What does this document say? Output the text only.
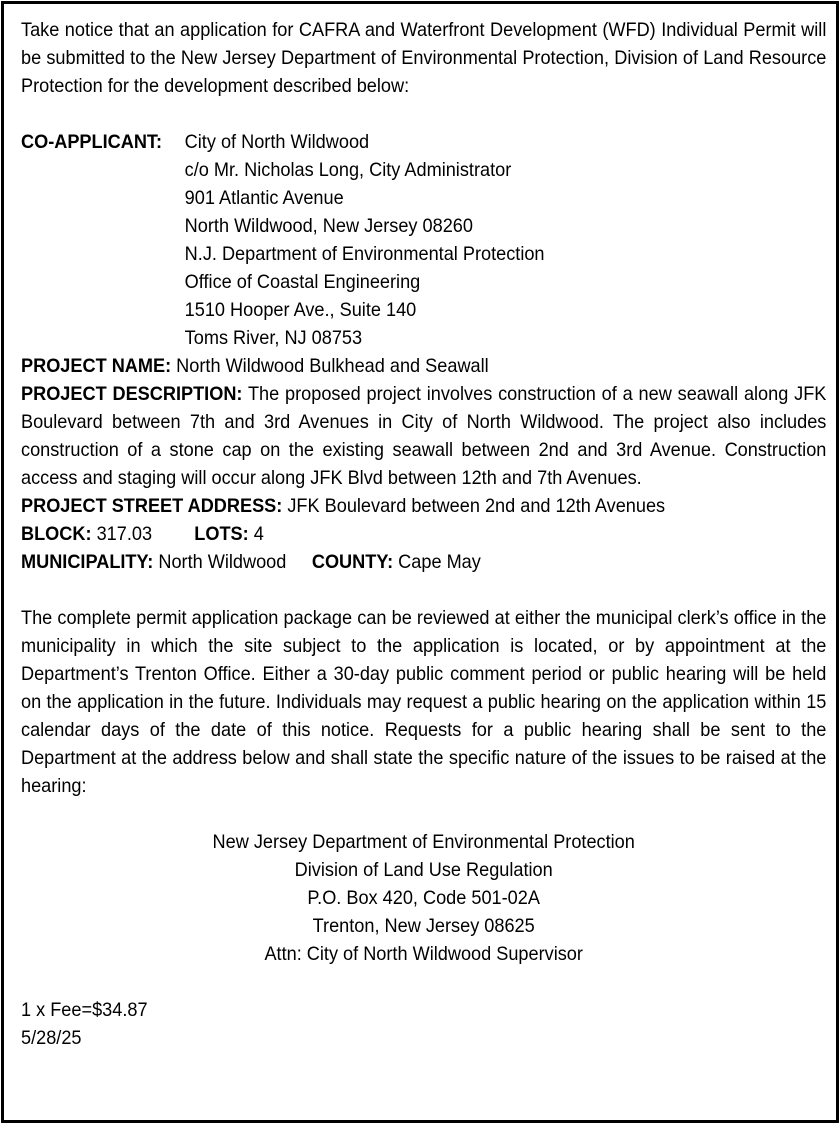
Take notice that an application for CAFRA and Waterfront Development (WFD) Individual Permit will be submitted to the New Jersey Department of Environmental Protection, Division of Land Resource Protection for the development described below:

CO-APPLICANT:	City of North Wildwood
c/o Mr. Nicholas Long, City Administrator
901 Atlantic Avenue
North Wildwood, New Jersey 08260
N.J. Department of Environmental Protection
Office of Coastal Engineering
1510 Hooper Ave., Suite 140
Toms River, NJ 08753

PROJECT NAME: North Wildwood Bulkhead and Seawall

PROJECT DESCRIPTION: The proposed project involves construction of a new seawall along JFK Boulevard between 7th and 3rd Avenues in City of North Wildwood. The project also includes construction of a stone cap on the existing seawall between 2nd and 3rd Avenue. Construction access and staging will occur along JFK Blvd between 12th and 7th Avenues.

PROJECT STREET ADDRESS: JFK Boulevard between 2nd and 12th Avenues

BLOCK: 317.03 LOTS: 4

MUNICIPALITY: North Wildwood COUNTY: Cape May

The complete permit application package can be reviewed at either the municipal clerk’s office in the municipality in which the site subject to the application is located, or by appointment at the Department’s Trenton Office. Either a 30-day public comment period or public hearing will be held on the application in the future. Individuals may request a public hearing on the application within 15 calendar days of the date of this notice. Requests for a public hearing shall be sent to the Department at the address below and shall state the specific nature of the issues to be raised at the hearing:

New Jersey Department of Environmental Protection
Division of Land Use Regulation
P.O. Box 420, Code 501-02A
Trenton, New Jersey 08625
Attn: City of North Wildwood Supervisor
1 x Fee=$34.87
5/28/25
